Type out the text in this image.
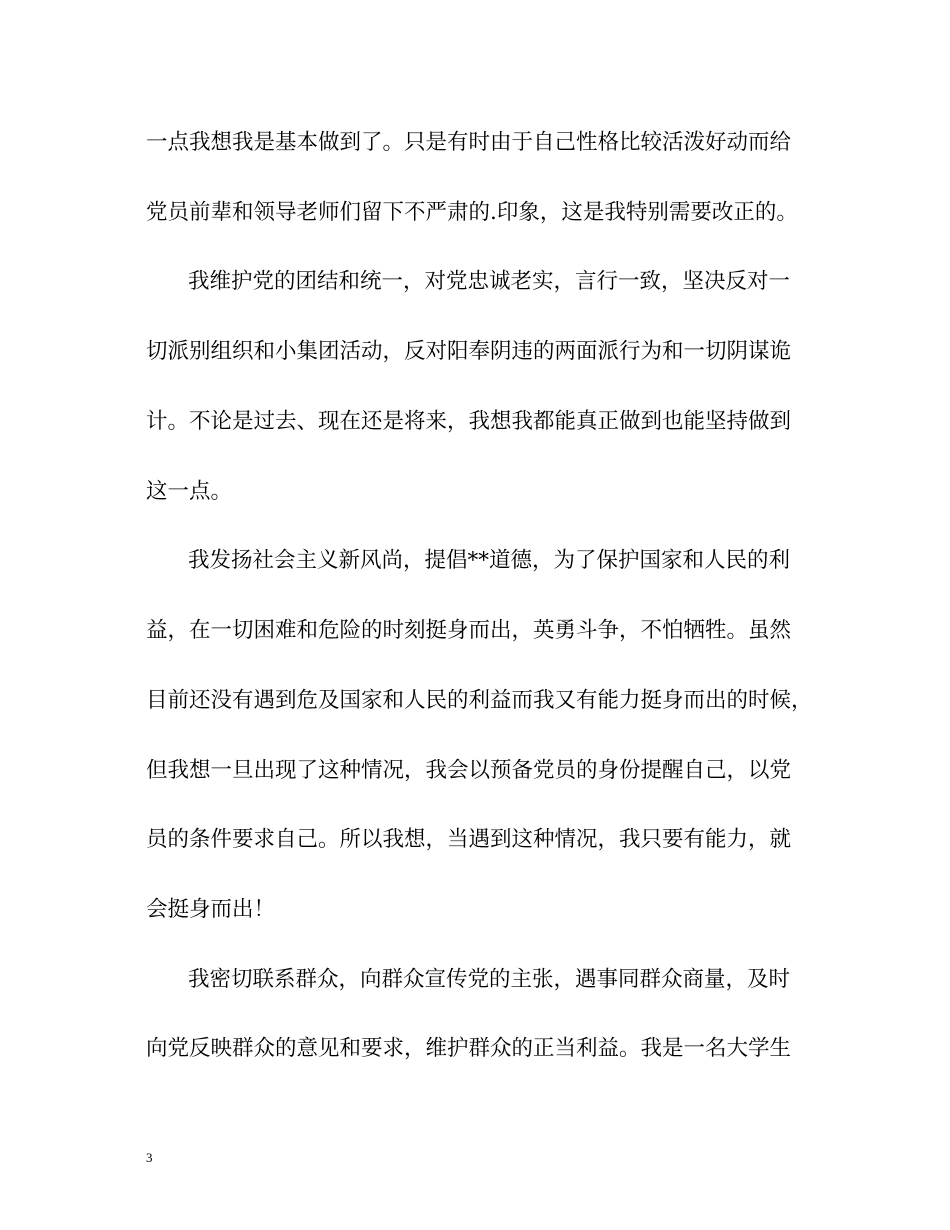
一点我想我是基本做到了。只是有时由于自己性格比较活泼好动而给
党员前辈和领导老师们留下不严肃的.印象，这是我特别需要改正的。
我维护党的团结和统一，对党忠诚老实，言行一致，坚决反对一
切派别组织和小集团活动，反对阳奉阴违的两面派行为和一切阴谋诡
计。不论是过去、现在还是将来，我想我都能真正做到也能坚持做到
这一点。
我发扬社会主义新风尚，提倡**道德，为了保护国家和人民的利
益，在一切困难和危险的时刻挺身而出，英勇斗争，不怕牺牲。虽然
目前还没有遇到危及国家和人民的利益而我又有能力挺身而出的时候，
但我想一旦出现了这种情况，我会以预备党员的身份提醒自己，以党
员的条件要求自己。所以我想，当遇到这种情况，我只要有能力，就
会挺身而出！
我密切联系群众，向群众宣传党的主张，遇事同群众商量，及时
向党反映群众的意见和要求，维护群众的正当利益。我是一名大学生
3
